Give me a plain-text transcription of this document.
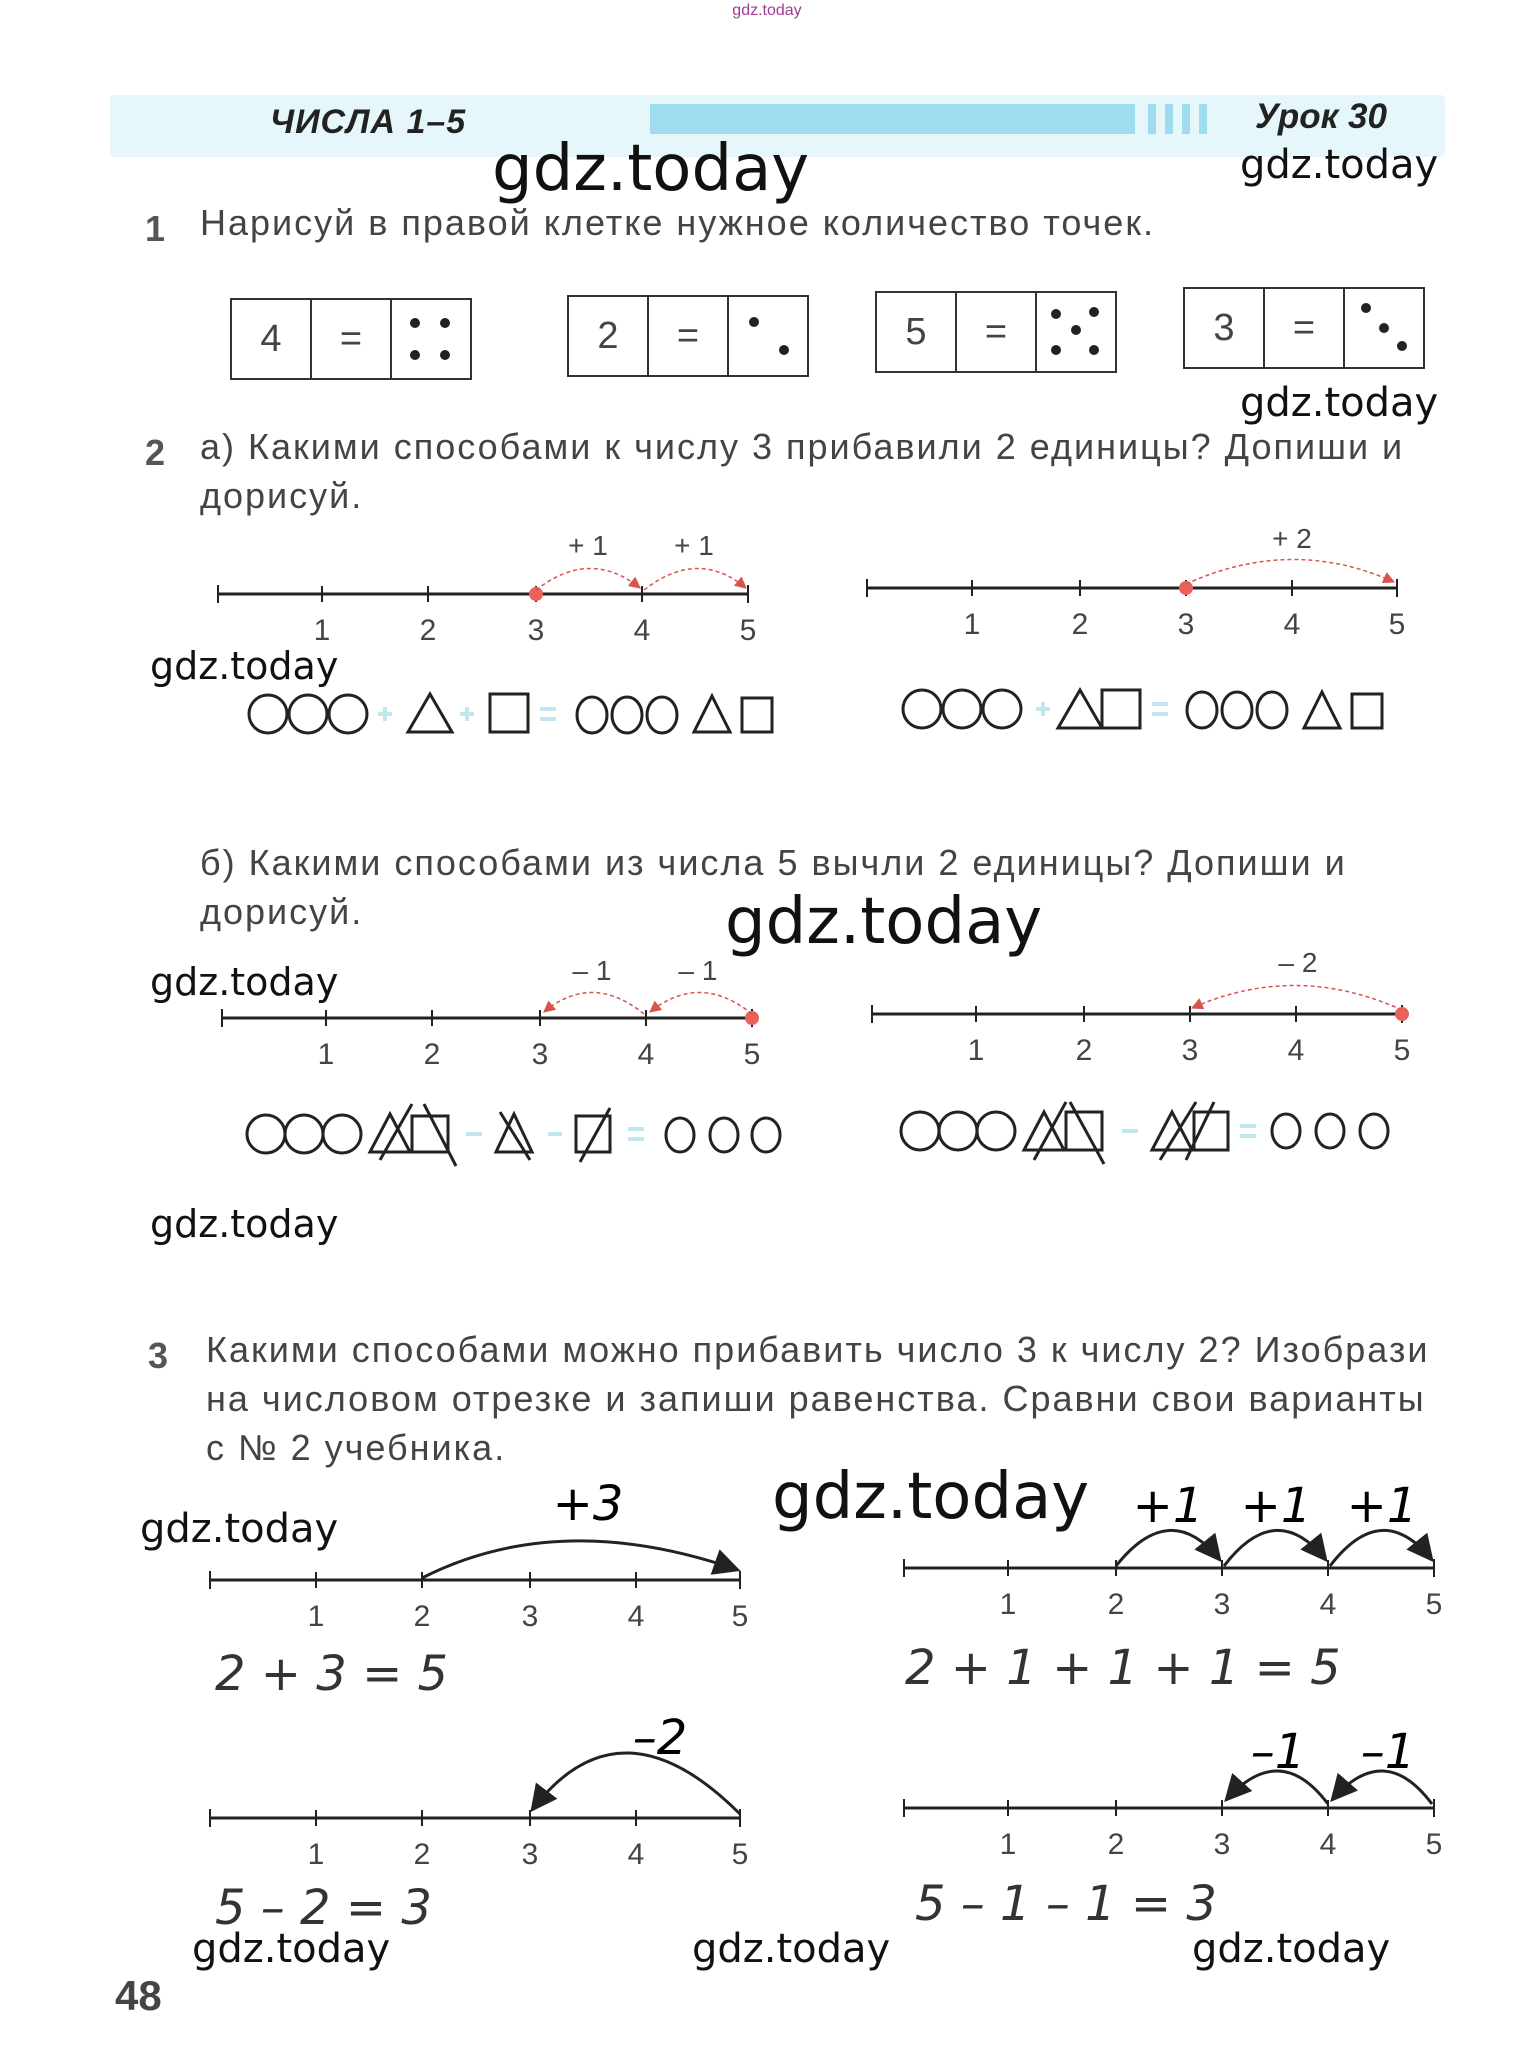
gdz.today
ЧИСЛА 1–5	Урок 30
gdz.today	gdz.today
gdz.today
gdz.today
gdz.today
gdz.today
gdz.today
gdz.today
gdz.today
gdz.today	gdz.today	gdz.today
1 Нарисуй в правой клетке нужное количество точек.
4	=	2	=	5	=	3	=
2 а) Какими способами к числу 3 прибавили 2 единицы? Допиши и дорисуй.
б) Какими способами из числа 5 вычли 2 единицы? Допиши и дорисуй.
3 Какими способами можно прибавить число 3 к числу 2? Изобрази на числовом отрезке и запиши равенства. Сравни свои варианты с № 2 учебника.
+ 1 + 1
1	2	3	4	5
+ 2
1	2	3	4	5
– 1 – 1
1	2	3	4	5
– 2
1	2	3	4	5
+3
1	2	3	4	5
+1 +1 +1
1	2	3	4	5
–2
1	2	3	4	5
–1 –1
1	2	3	4	5
2 + 3 = 5	2 + 1 + 1 + 1 = 5
5 – 2 = 3	5 – 1 – 1 = 3
48
